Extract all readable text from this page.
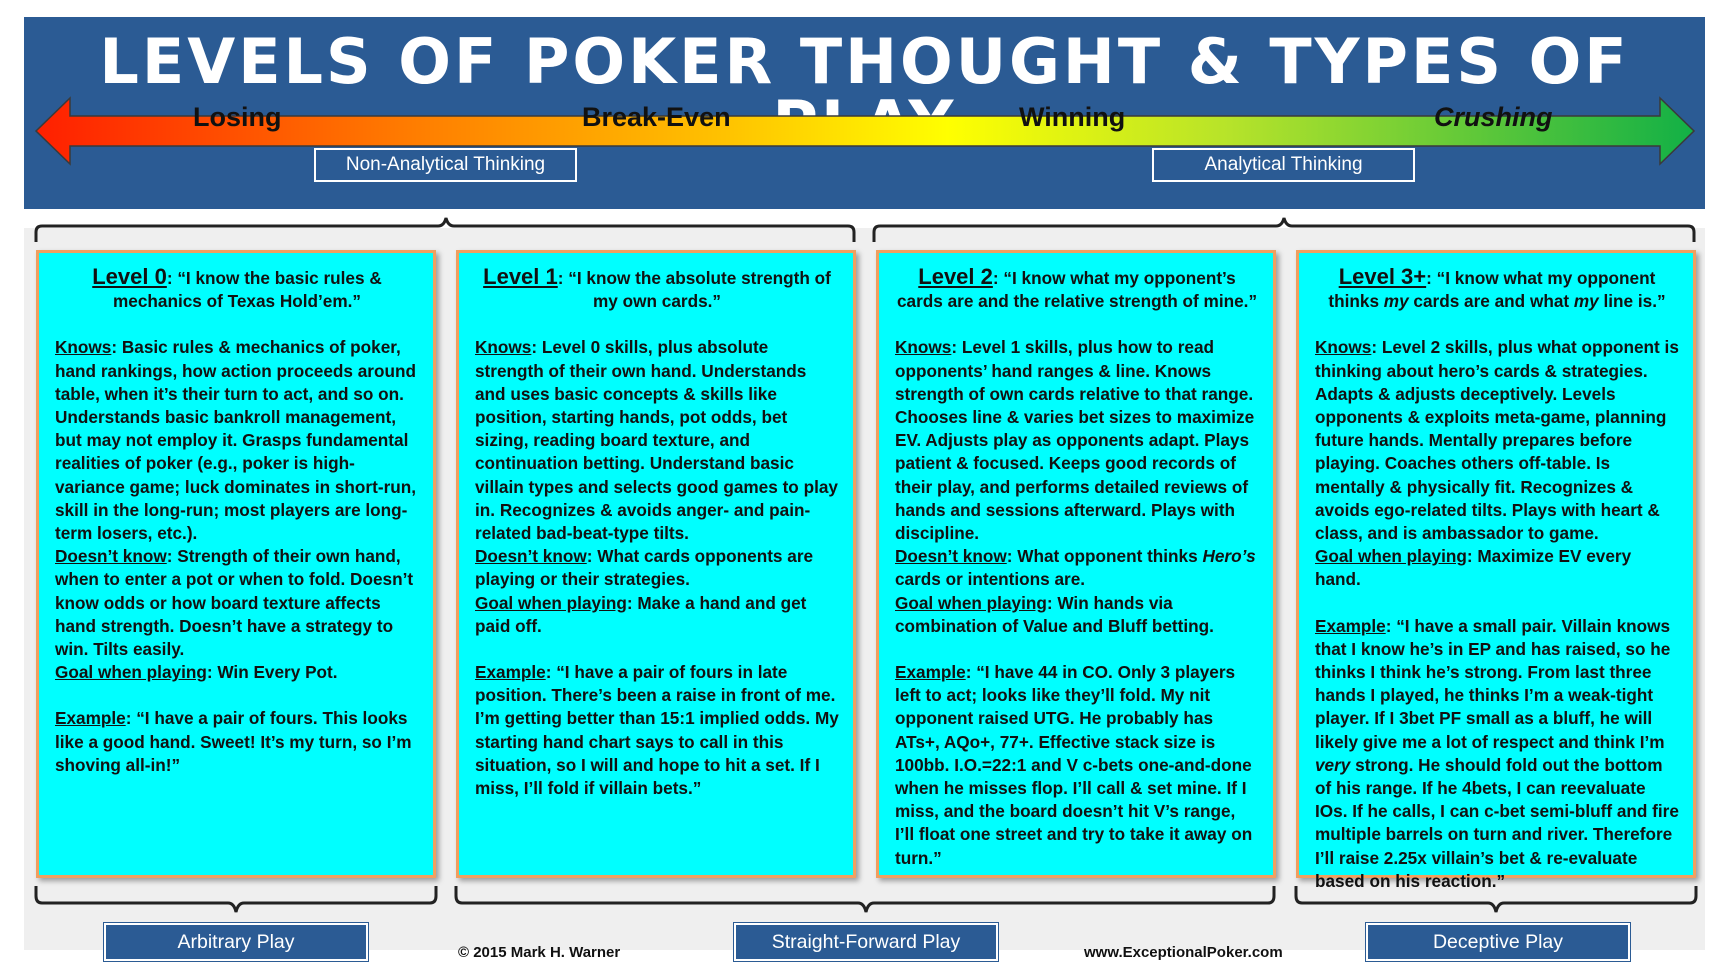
LEVELS OF POKER THOUGHT & TYPES OF
Losing	Break-Even	Winning	Crushing
Non-Analytical Thinking	Analytical Thinking
Level 0: “I know the basic rules & mechanics of Texas Hold’em.”

Knows: Basic rules & mechanics of poker, hand rankings, how action proceeds around table, when it’s their turn to act, and so on. Understands basic bankroll management, but may not employ it. Grasps fundamental realities of poker (e.g., poker is high-variance game; luck dominates in short-run, skill in the long-run; most players are long-term losers, etc.).

Doesn’t know: Strength of their own hand, when to enter a pot or when to fold. Doesn’t know odds or how board texture affects hand strength. Doesn’t have a strategy to win. Tilts easily.

Goal when playing: Win Every Pot.

Example: “I have a pair of fours. This looks like a good hand. Sweet! It’s my turn, so I’m shoving all-in!”

Level 1: “I know the absolute strength of my own cards.”

Knows: Level 0 skills, plus absolute strength of their own hand. Understands and uses basic concepts & skills like position, starting hands, pot odds, bet sizing, reading board texture, and continuation betting. Understand basic villain types and selects good games to play in. Recognizes & avoids anger- and pain-related bad-beat-type tilts.

Doesn’t know: What cards opponents are playing or their strategies.

Goal when playing: Make a hand and get paid off.

Example: “I have a pair of fours in late position. There’s been a raise in front of me. I’m getting better than 15:1 implied odds. My starting hand chart says to call in this situation, so I will and hope to hit a set. If I miss, I’ll fold if villain bets.”

Level 2: “I know what my opponent’s cards are and the relative strength of mine.”

Knows: Level 1 skills, plus how to read opponents’ hand ranges & line. Knows strength of own cards relative to that range. Chooses line & varies bet sizes to maximize EV. Adjusts play as opponents adapt. Plays patient & focused. Keeps good records of their play, and performs detailed reviews of hands and sessions afterward. Plays with discipline.

Doesn’t know: What opponent thinks Hero’s cards or intentions are.

Goal when playing: Win hands via combination of Value and Bluff betting.

Example: “I have 44 in CO. Only 3 players left to act; looks like they’ll fold. My nit opponent raised UTG. He probably has ATs+, AQo+, 77+. Effective stack size is 100bb. I.O.=22:1 and V c-bets one-and-done when he misses flop. I’ll call & set mine. If I miss, and the board doesn’t hit V’s range, I’ll float one street and try to take it away on turn.”

Level 3+: “I know what my opponent thinks my cards are and what my line is.”

Knows: Level 2 skills, plus what opponent is thinking about hero’s cards & strategies. Adapts & adjusts deceptively. Levels opponents & exploits meta-game, planning future hands. Mentally prepares before playing. Coaches others off-table. Is mentally & physically fit. Recognizes & avoids ego-related tilts. Plays with heart & class, and is ambassador to game.

Goal when playing: Maximize EV every hand.

Example: “I have a small pair. Villain knows that I know he’s in EP and has raised, so he thinks I think he’s strong. From last three hands I played, he thinks I’m a weak-tight player. If I 3bet PF small as a bluff, he will likely give me a lot of respect and think I’m very strong. He should fold out the bottom of his range. If he 4bets, I can reevaluate IOs. If he calls, I can c-bet semi-bluff and fire multiple barrels on turn and river. Therefore I’ll raise 2.25x villain’s bet & re-evaluate based on his reaction.”

Arbitrary Play	Straight-Forward Play	Deceptive Play
© 2015 Mark H. Warner	www.ExceptionalPoker.com
